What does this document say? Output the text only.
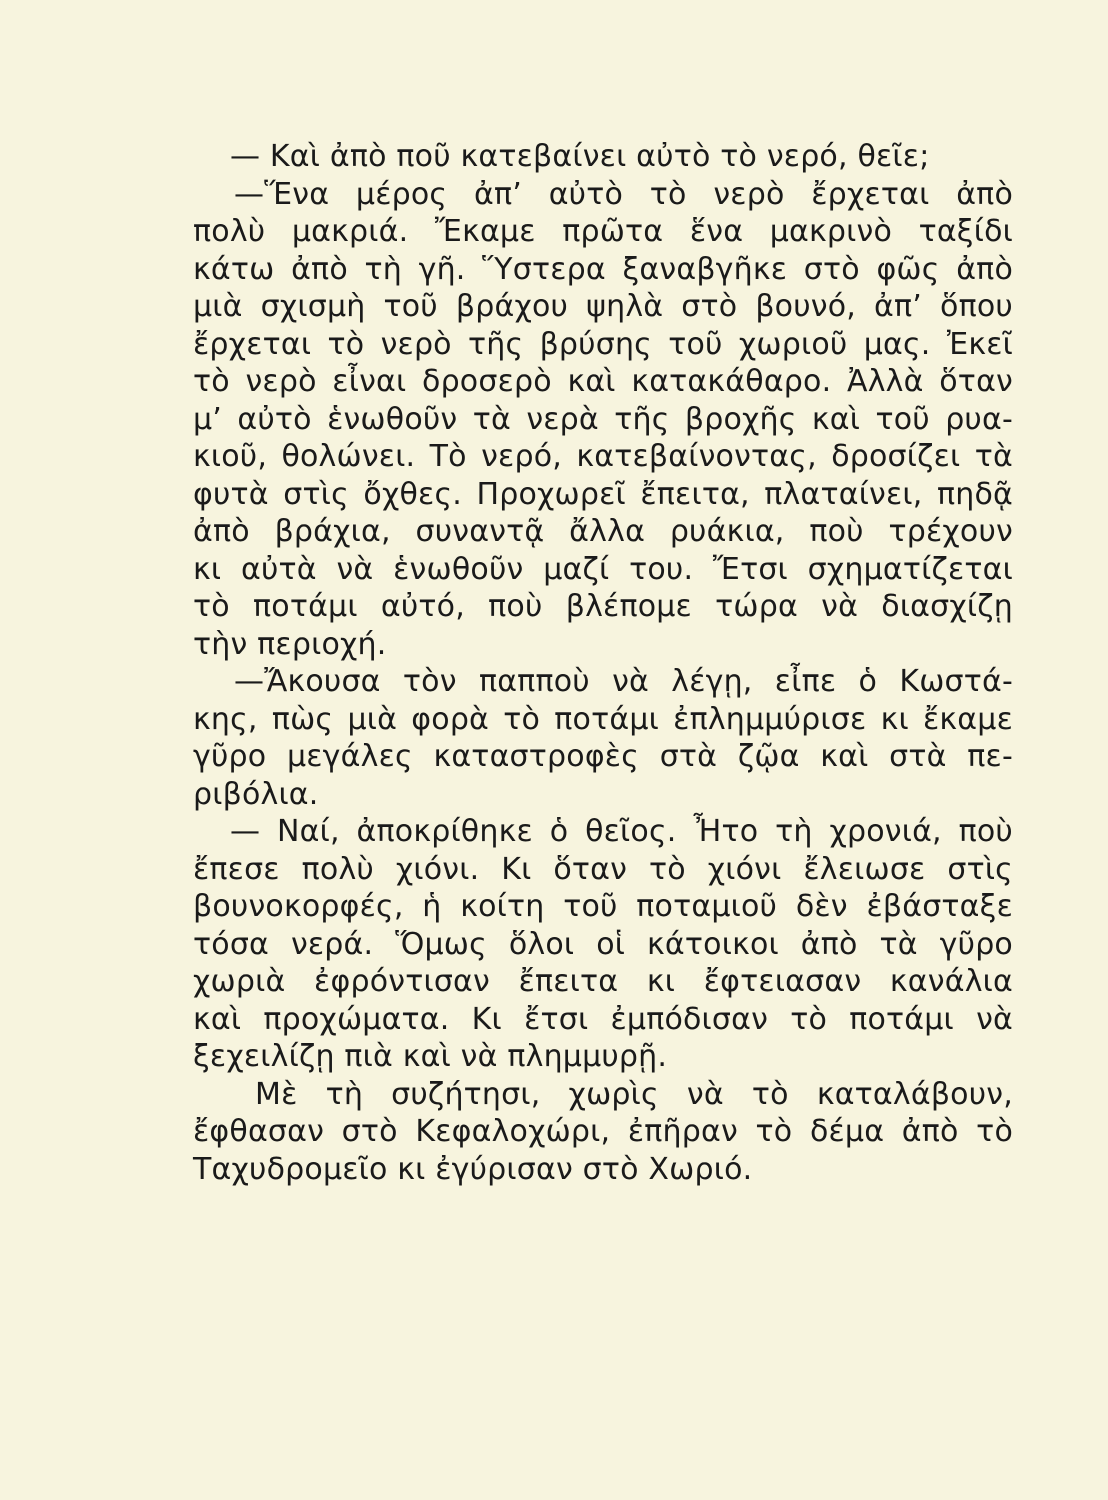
— Καὶ ἀπὸ ποῦ κατεβαίνει αὐτὸ τὸ νερό, θεῖε;
—Ἕνα μέρος ἀπ’ αὐτὸ τὸ νερὸ ἔρχεται ἀπὸ
πολὺ μακριά. Ἔκαμε πρῶτα ἕνα μακρινὸ ταξίδι
κάτω ἀπὸ τὴ γῆ. Ὕστερα ξαναβγῆκε στὸ φῶς ἀπὸ
μιὰ σχισμὴ τοῦ βράχου ψηλὰ στὸ βουνό, ἀπ’ ὅπου
ἔρχεται τὸ νερὸ τῆς βρύσης τοῦ χωριοῦ μας. Ἐκεῖ
τὸ νερὸ εἶναι δροσερὸ καὶ κατακάθαρο. Ἀλλὰ ὅταν
μ’ αὐτὸ ἑνωθοῦν τὰ νερὰ τῆς βροχῆς καὶ τοῦ ρυα-
κιοῦ, θολώνει. Τὸ νερό, κατεβαίνοντας, δροσίζει τὰ
φυτὰ στὶς ὄχθες. Προχωρεῖ ἔπειτα, πλαταίνει, πηδᾷ
ἀπὸ βράχια, συναντᾷ ἄλλα ρυάκια, ποὺ τρέχουν
κι αὐτὰ νὰ ἑνωθοῦν μαζί του. Ἔτσι σχηματίζεται
τὸ ποτάμι αὐτό, ποὺ βλέπομε τώρα νὰ διασχίζῃ
τὴν περιοχή.
—Ἄκουσα τὸν παπποὺ νὰ λέγῃ, εἶπε ὁ Κωστά-
κης, πὼς μιὰ φορὰ τὸ ποτάμι ἐπλημμύρισε κι ἔκαμε
γῦρο μεγάλες καταστροφὲς στὰ ζῷα καὶ στὰ πε-
ριβόλια.
— Ναί, ἀποκρίθηκε ὁ θεῖος. Ἦτο τὴ χρονιά, ποὺ
ἔπεσε πολὺ χιόνι. Κι ὅταν τὸ χιόνι ἔλειωσε στὶς
βουνοκορφές, ἡ κοίτη τοῦ ποταμιοῦ δὲν ἐβάσταξε
τόσα νερά. Ὅμως ὅλοι οἱ κάτοικοι ἀπὸ τὰ γῦρο
χωριὰ ἐφρόντισαν ἔπειτα κι ἔφτειασαν κανάλια
καὶ προχώματα. Κι ἔτσι ἐμπόδισαν τὸ ποτάμι νὰ
ξεχειλίζῃ πιὰ καὶ νὰ πλημμυρῇ.
Μὲ τὴ συζήτησι, χωρὶς νὰ τὸ καταλάβουν,
ἔφθασαν στὸ Κεφαλοχώρι, ἐπῆραν τὸ δέμα ἀπὸ τὸ
Ταχυδρομεῖο κι ἐγύρισαν στὸ Χωριό.
